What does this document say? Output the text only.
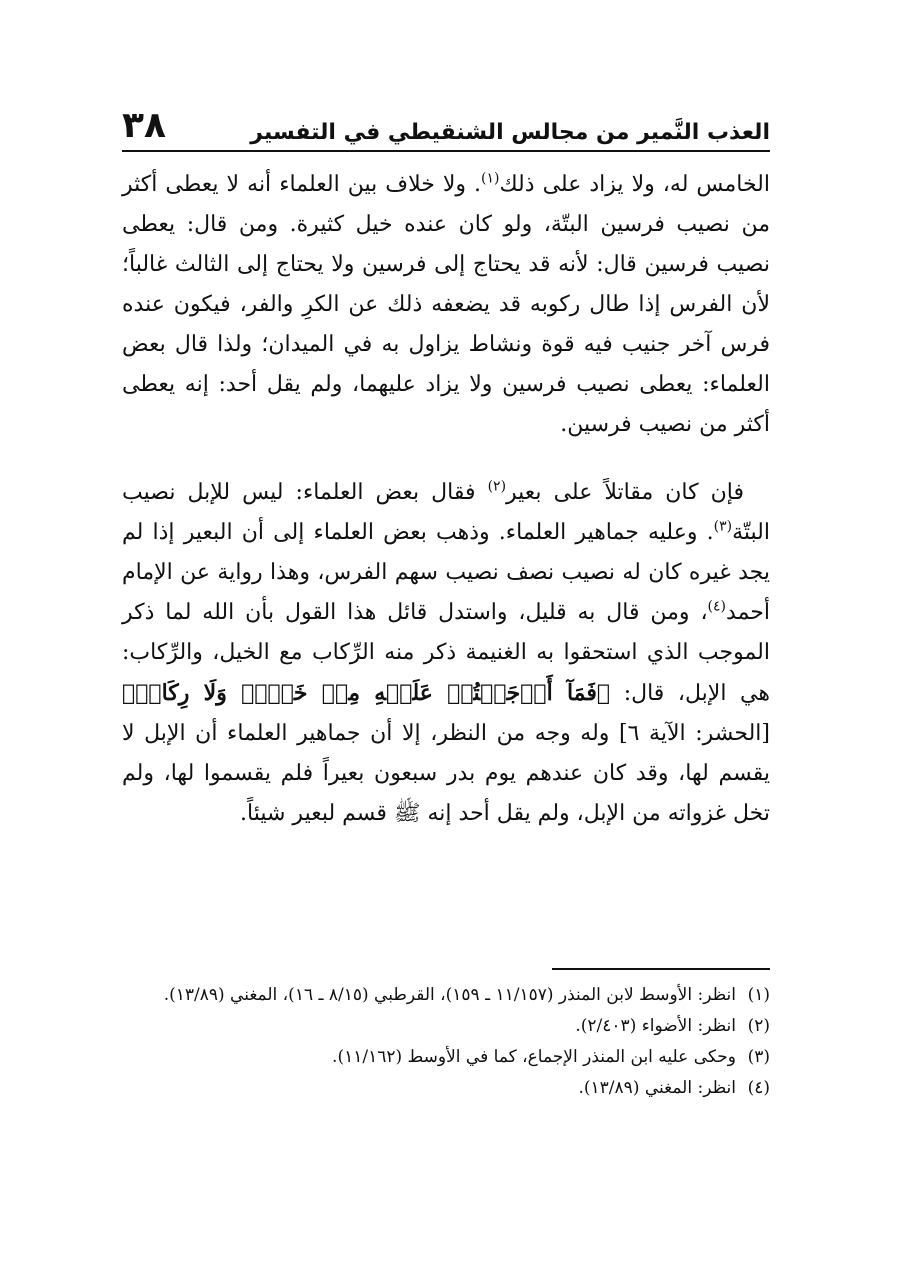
العذب النَّمير من مجالس الشنقيطي في التفسير
٣٨

الخامس له، ولا يزاد على ذلك$^{(١)}$. ولا خلاف بين العلماء أنه لا يعطى أكثر من نصيب فرسين البتّة، ولو كان عنده خيل كثيرة. ومن قال: يعطى نصيب فرسين قال: لأنه قد يحتاج إلى فرسين ولا يحتاج إلى الثالث غالباً؛ لأن الفرس إذا طال ركوبه قد يضعفه ذلك عن الكرِ والفر، فيكون عنده فرس آخر جنيب فيه قوة ونشاط يزاول به في الميدان؛ ولذا قال بعض العلماء: يعطى نصيب فرسين ولا يزاد عليهما، ولم يقل أحد: إنه يعطى أكثر من نصيب فرسين.

فإن كان مقاتلاً على بعير$^{(٢)}$ فقال بعض العلماء: ليس للإبل نصيب البتّة$^{(٣)}$. وعليه جماهير العلماء. وذهب بعض العلماء إلى أن البعير إذا لم يجد غيره كان له نصيب نصف نصيب سهم الفرس، وهذا رواية عن الإمام أحمد$^{(٤)}$، ومن قال به قليل، واستدل قائل هذا القول بأن الله لما ذكر الموجب الذي استحقوا به الغنيمة ذكر منه الرِّكاب مع الخيل، والرِّكاب: هي الإبل، قال: ﴿فَمَآ أَوۡجَفۡتُمۡ عَلَيۡهِ مِنۡ خَيۡلٖ وَلَا رِكَابٖ﴾ [الحشر: الآية ٦] وله وجه من النظر، إلا أن جماهير العلماء أن الإبل لا يقسم لها، وقد كان عندهم يوم بدر سبعون بعيراً فلم يقسموا لها، ولم تخل غزواته من الإبل، ولم يقل أحد إنه ﷺ قسم لبعير شيئاً.

(١)
انظر: الأوسط لابن المنذر (١١/١٥٧ ـ ١٥٩)، القرطبي (٨/١٥ ـ ١٦)، المغني (١٣/٨٩).
(٢)
انظر: الأضواء (٢/٤٠٣).
(٣)
وحكى عليه ابن المنذر الإجماع، كما في الأوسط (١١/١٦٢).
(٤)
انظر: المغني (١٣/٨٩).
